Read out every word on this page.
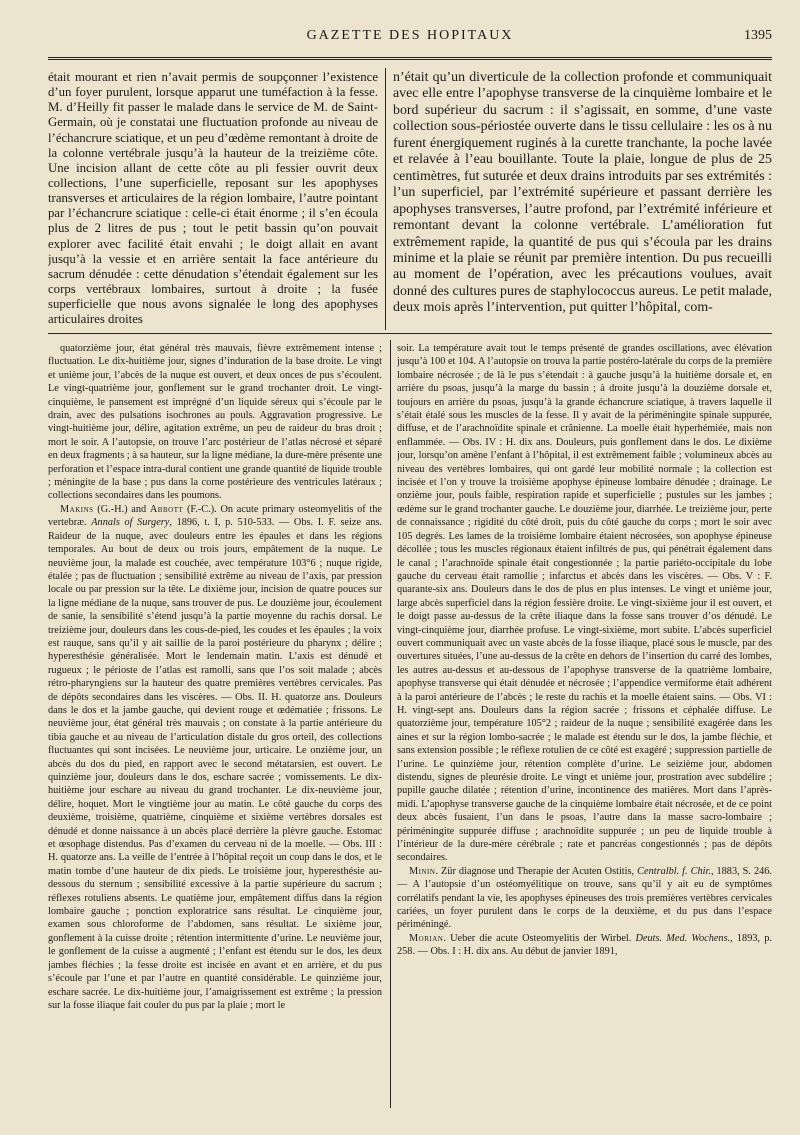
GAZETTE DES HOPITAUX	1395

était mourant et rien n’avait permis de soupçonner l’existence d’un foyer purulent, lorsque apparut une tuméfaction à la fesse. M. d’Heilly fit passer le malade dans le service de M. de Saint-Germain, où je constatai une fluctuation profonde au niveau de l’échancrure sciatique, et un peu d’œdème remontant à droite de la colonne vertébrale jusqu’à la hauteur de la treizième côte. Une incision allant de cette côte au pli fessier ouvrit deux collections, l’une superficielle, reposant sur les apophyses transverses et articulaires de la région lombaire, l’autre pointant par l’échancrure sciatique : celle-ci était énorme ; il s’en écoula plus de 2 litres de pus ; tout le petit bassin qu’on pouvait explorer avec facilité était envahi ; le doigt allait en avant jusqu’à la vessie et en arrière sentait la face antérieure du sacrum dénudée : cette dénudation s’étendait également sur les corps vertébraux lombaires, surtout à droite ; la fusée superficielle que nous avons signalée le long des apophyses articulaires droites

n’était qu’un diverticule de la collection profonde et communiquait avec elle entre l’apophyse transverse de la cinquième lombaire et le bord supérieur du sacrum : il s’agissait, en somme, d’une vaste collection sous-périostée ouverte dans le tissu cellulaire : les os à nu furent énergiquement ruginés à la curette tranchante, la poche lavée et relavée à l’eau bouillante. Toute la plaie, longue de plus de 25 centimètres, fut suturée et deux drains introduits par ses extrémités : l’un superficiel, par l’extrémité supérieure et passant derrière les apophyses transverses, l’autre profond, par l’extrémité inférieure et remontant devant la colonne vertébrale. L’amélioration fut extrêmement rapide, la quantité de pus qui s’écoula par les drains minime et la plaie se réunit par première intention. Du pus recueilli au moment de l’opération, avec les précautions voulues, avait donné des cultures pures de staphylococcus aureus. Le petit malade, deux mois après l’intervention, put quitter l’hôpital, com-

quatorzième jour, état général très mauvais, fièvre extrêmement intense ; fluctuation. Le dix-huitième jour, signes d’induration de la base droite. Le vingt et unième jour, l’abcès de la nuque est ouvert, et deux onces de pus s’écoulent. Le vingt-quatrième jour, gonflement sur le grand trochanter droit. Le vingt-cinquième, le pansement est imprégné d’un liquide séreux qui s’écoule par le drain, avec des pulsations isochrones au pouls. Aggravation progressive. Le vingt-huitième jour, délire, agitation extrême, un peu de raideur du bras droit ; mort le soir. A l’autopsie, on trouve l’arc postérieur de l’atlas nécrosé et séparé en deux fragments ; à sa hauteur, sur la ligne médiane, la dure-mère présente une perforation et l’espace intra-dural contient une grande quantité de liquide trouble ; méningite de la base ; pus dans la corne postérieure des ventricules latéraux ; collections secondaires dans les poumons.

Makins (G.-H.) and Abbott (F.-C.). On acute primary osteomyelitis of the vertebræ. Annals of Surgery, 1896, t. I, p. 510-533. — Obs. I. F. seize ans. Raideur de la nuque, avec douleurs entre les épaules et dans les régions temporales. Au bout de deux ou trois jours, empâtement de la nuque. Le neuvième jour, la malade est couchée, avec température 103°6 ; nuque rigide, étalée ; pas de fluctuation ; sensibilité extrême au niveau de l’axis, par pression locale ou par pression sur la tête. Le dixième jour, incision de quatre pouces sur la ligne médiane de la nuque, sans trouver de pus. Le douzième jour, écoulement de sanie, la sensibilité s’étend jusqu’à la partie moyenne du rachis dorsal. Le treizième jour, douleurs dans les cous-de-pied, les coudes et les épaules ; la voix est rauque, sans qu’il y ait saillie de la paroi postérieure du pharynx ; délire ; hyperesthésie généralisée. Mort le lendemain matin. L’axis est dénudé et rugueux ; le périoste de l’atlas est ramolli, sans que l’os soit malade ; abcès rétro-pharyngiens sur la hauteur des quatre premières vertèbres cervicales. Pas de dépôts secondaires dans les viscères. — Obs. II. H. quatorze ans. Douleurs dans le dos et la jambe gauche, qui devient rouge et œdématiée ; frissons. Le neuvième jour, état général très mauvais ; on constate à la partie antérieure du tibia gauche et au niveau de l’articulation distale du gros orteil, des collections fluctuantes qui sont incisées. Le neuvième jour, urticaire. Le onzième jour, un abcès du dos du pied, en rapport avec le second métatarsien, est ouvert. Le quinzième jour, douleurs dans le dos, eschare sacrée ; vomissements. Le dix-huitième jour eschare au niveau du grand trochanter. Le dix-neuvième jour, délire, hoquet. Mort le vingtième jour au matin. Le côté gauche du corps des deuxième, troisième, quatrième, cinquième et sixième vertèbres dorsales est dénudé et donne naissance à un abcès placé derrière la plèvre gauche. Estomac et œsophage distendus. Pas d’examen du cerveau ni de la moelle. — Obs. III : H. quatorze ans. La veille de l’entrée à l’hôpital reçoit un coup dans le dos, et le matin tombe d’une hauteur de dix pieds. Le troisième jour, hyperesthésie au-dessous du sternum ; sensibilité excessive à la partie supérieure du sacrum ; réflexes rotuliens absents. Le quatième jour, empâtement diffus dans la région lombaire gauche ; ponction exploratrice sans résultat. Le cinquième jour, examen sous chloroforme de l’abdomen, sans résultat. Le sixième jour, gonflement à la cuisse droite ; rétention intermittente d’urine. Le neuvième jour, le gonflement de la cuisse a augmenté ; l’enfant est étendu sur le dos, les deux jambes fléchies ; la fesse droite est incisée en avant et en arrière, et du pus s’écoule par l’une et par l’autre en quantité considérable. Le quinzième jour, eschare sacrée. Le dix-huitième jour, l’amaigrissement est extrême ; la pression sur la fosse iliaque fait couler du pus par la plaie ; mort le

soir. La température avait tout le temps présenté de grandes oscillations, avec élévation jusqu’à 100 et 104. A l’autopsie on trouva la partie postéro-latérale du corps de la première lombaire nécrosée ; de là le pus s’étendait : à gauche jusqu’à la huitième dorsale et, en arrière du psoas, jusqu’à la marge du bassin ; à droite jusqu’à la douzième dorsale et, toujours en arrière du psoas, jusqu’à la grande échancrure sciatique, à travers laquelle il s’était étalé sous les muscles de la fesse. Il y avait de la périméningite spinale suppurée, diffuse, et de l’arachnoïdite spinale et crânienne. La moelle était hyperhémiée, mais non enflammée. — Obs. IV : H. dix ans. Douleurs, puis gonflement dans le dos. Le dixième jour, lorsqu’on amène l’enfant à l’hôpital, il est extrêmement faible ; volumineux abcès au niveau des vertèbres lombaires, qui ont gardé leur mobilité normale ; la collection est incisée et l’on y trouve la troisième apophyse épineuse lombaire dénudée ; drainage. Le onzième jour, pouls faible, respiration rapide et superficielle ; pustules sur les jambes ; œdème sur le grand trochanter gauche. Le douzième jour, diarrhée. Le treizième jour, perte de connaissance ; rigidité du côté droit, puis du côté gauche du corps ; mort le soir avec 105 degrés. Les lames de la troisième lombaire étaient nécrosées, son apophyse épineuse décollée ; tous les muscles régionaux étaient infiltrés de pus, qui pénétrait également dans le canal ; l’arachnoïde spinale était congestionnée ; la partie pariéto-occipitale du lobe gauche du cerveau était ramollie ; infarctus et abcès dans les viscères. — Obs. V : F. quarante-six ans. Douleurs dans le dos de plus en plus intenses. Le vingt et unième jour, large abcès superficiel dans la région fessière droite. Le vingt-sixième jour il est ouvert, et le doigt passe au-dessus de la crête iliaque dans la fosse sans trouver d’os dénudé. Le vingt-cinquième jour, diarrhée profuse. Le vingt-sixième, mort subite. L’abcès superficiel ouvert communiquait avec un vaste abcès de la fosse iliaque, placé sous le muscle, par des ouvertures situées, l’une au-dessus de la crête en dehors de l’insertion du carré des lombes, les autres au-dessus et au-dessous de l’apophyse transverse de la quatrième lombaire, apophyse transverse qui était dénudée et nécrosée ; l’appendice vermiforme était adhérent à la paroi antérieure de l’abcès ; le reste du rachis et la moelle étaient sains. — Obs. VI : H. vingt-sept ans. Douleurs dans la région sacrée ; frissons et céphalée diffuse. Le quatorzième jour, température 105°2 ; raideur de la nuque ; sensibilité exagérée dans les aines et sur la région lombo-sacrée ; le malade est étendu sur le dos, la jambe fléchie, et sans extension possible ; le réflexe rotulien de ce côté est exagéré ; suppression partielle de l’urine. Le quinzième jour, rétention complète d’urine. Le seizième jour, abdomen distendu, signes de pleurésie droite. Le vingt et unième jour, prostration avec subdélire ; pupille gauche dilatée ; rétention d’urine, incontinence des matières. Mort dans l’après-midi. L’apophyse transverse gauche de la cinquième lombaire était nécrosée, et de ce point deux abcès fusaient, l’un dans le psoas, l’autre dans la masse sacro-lombaire ; périméningite suppurée diffuse ; arachnoïdite suppurée ; un peu de liquide trouble à l’intérieur de la dure-mère cérébrale ; rate et pancréas congestionnés ; pas de dépôts secondaires.

Minin. Zür diagnose und Therapie der Acuten Ostitis, Centralbl. f. Chir., 1883, S. 246. — A l’autopsie d’un ostéomyélitique on trouve, sans qu’il y ait eu de symptômes corrélatifs pendant la vie, les apophyses épineuses des trois premières vertèbres cervicales cariées, un foyer purulent dans le corps de la deuxième, et du pus dans l’espace périméningé.

Morian. Ueber die acute Osteomyelitis der Wirbel. Deuts. Med. Wochens., 1893, p. 258. — Obs. I : H. dix ans. Au début de janvier 1891,
